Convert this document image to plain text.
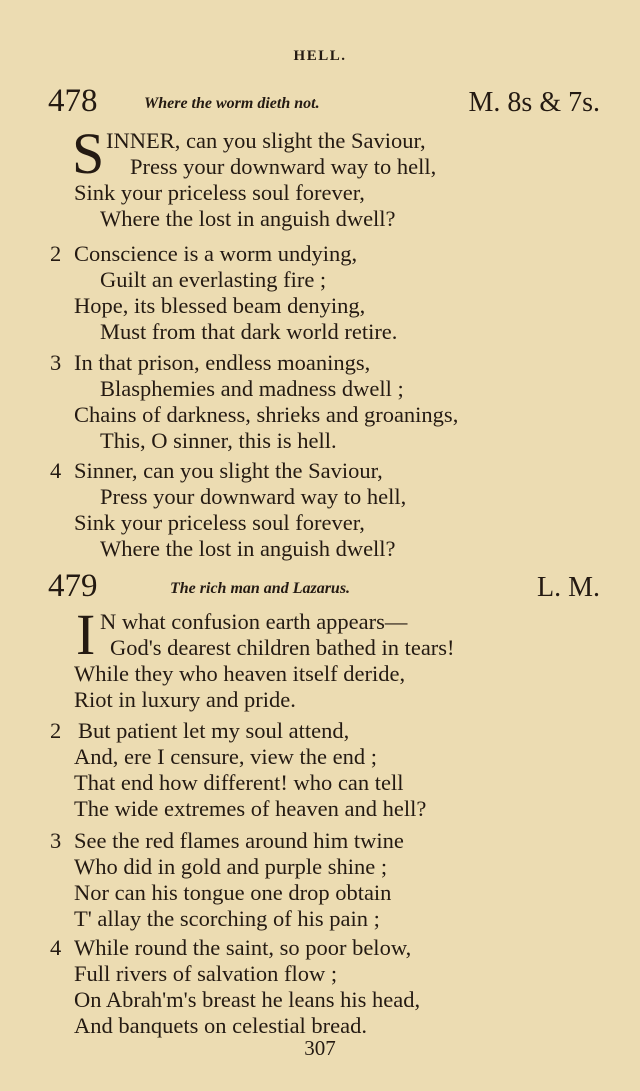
HELL.
478	Where the worm dieth not.	M. 8s & 7s.
S INNER, can you slight the Saviour,
Press your downward way to hell,
Sink your priceless soul forever,
Where the lost in anguish dwell?
2 Conscience is a worm undying,
Guilt an everlasting fire ;
Hope, its blessed beam denying,
Must from that dark world retire.
3 In that prison, endless moanings,
Blasphemies and madness dwell ;
Chains of darkness, shrieks and groanings,
This, O sinner, this is hell.
4 Sinner, can you slight the Saviour,
Press your downward way to hell,
Sink your priceless soul forever,
Where the lost in anguish dwell?
479	The rich man and Lazarus.	L. M.
I N what confusion earth appears—
God's dearest children bathed in tears!
While they who heaven itself deride,
Riot in luxury and pride.
2 But patient let my soul attend,
And, ere I censure, view the end ;
That end how different! who can tell
The wide extremes of heaven and hell?
3 See the red flames around him twine
Who did in gold and purple shine ;
Nor can his tongue one drop obtain
T' allay the scorching of his pain ;
4 While round the saint, so poor below,
Full rivers of salvation flow ;
On Abrah'm's breast he leans his head,
And banquets on celestial bread.
307
